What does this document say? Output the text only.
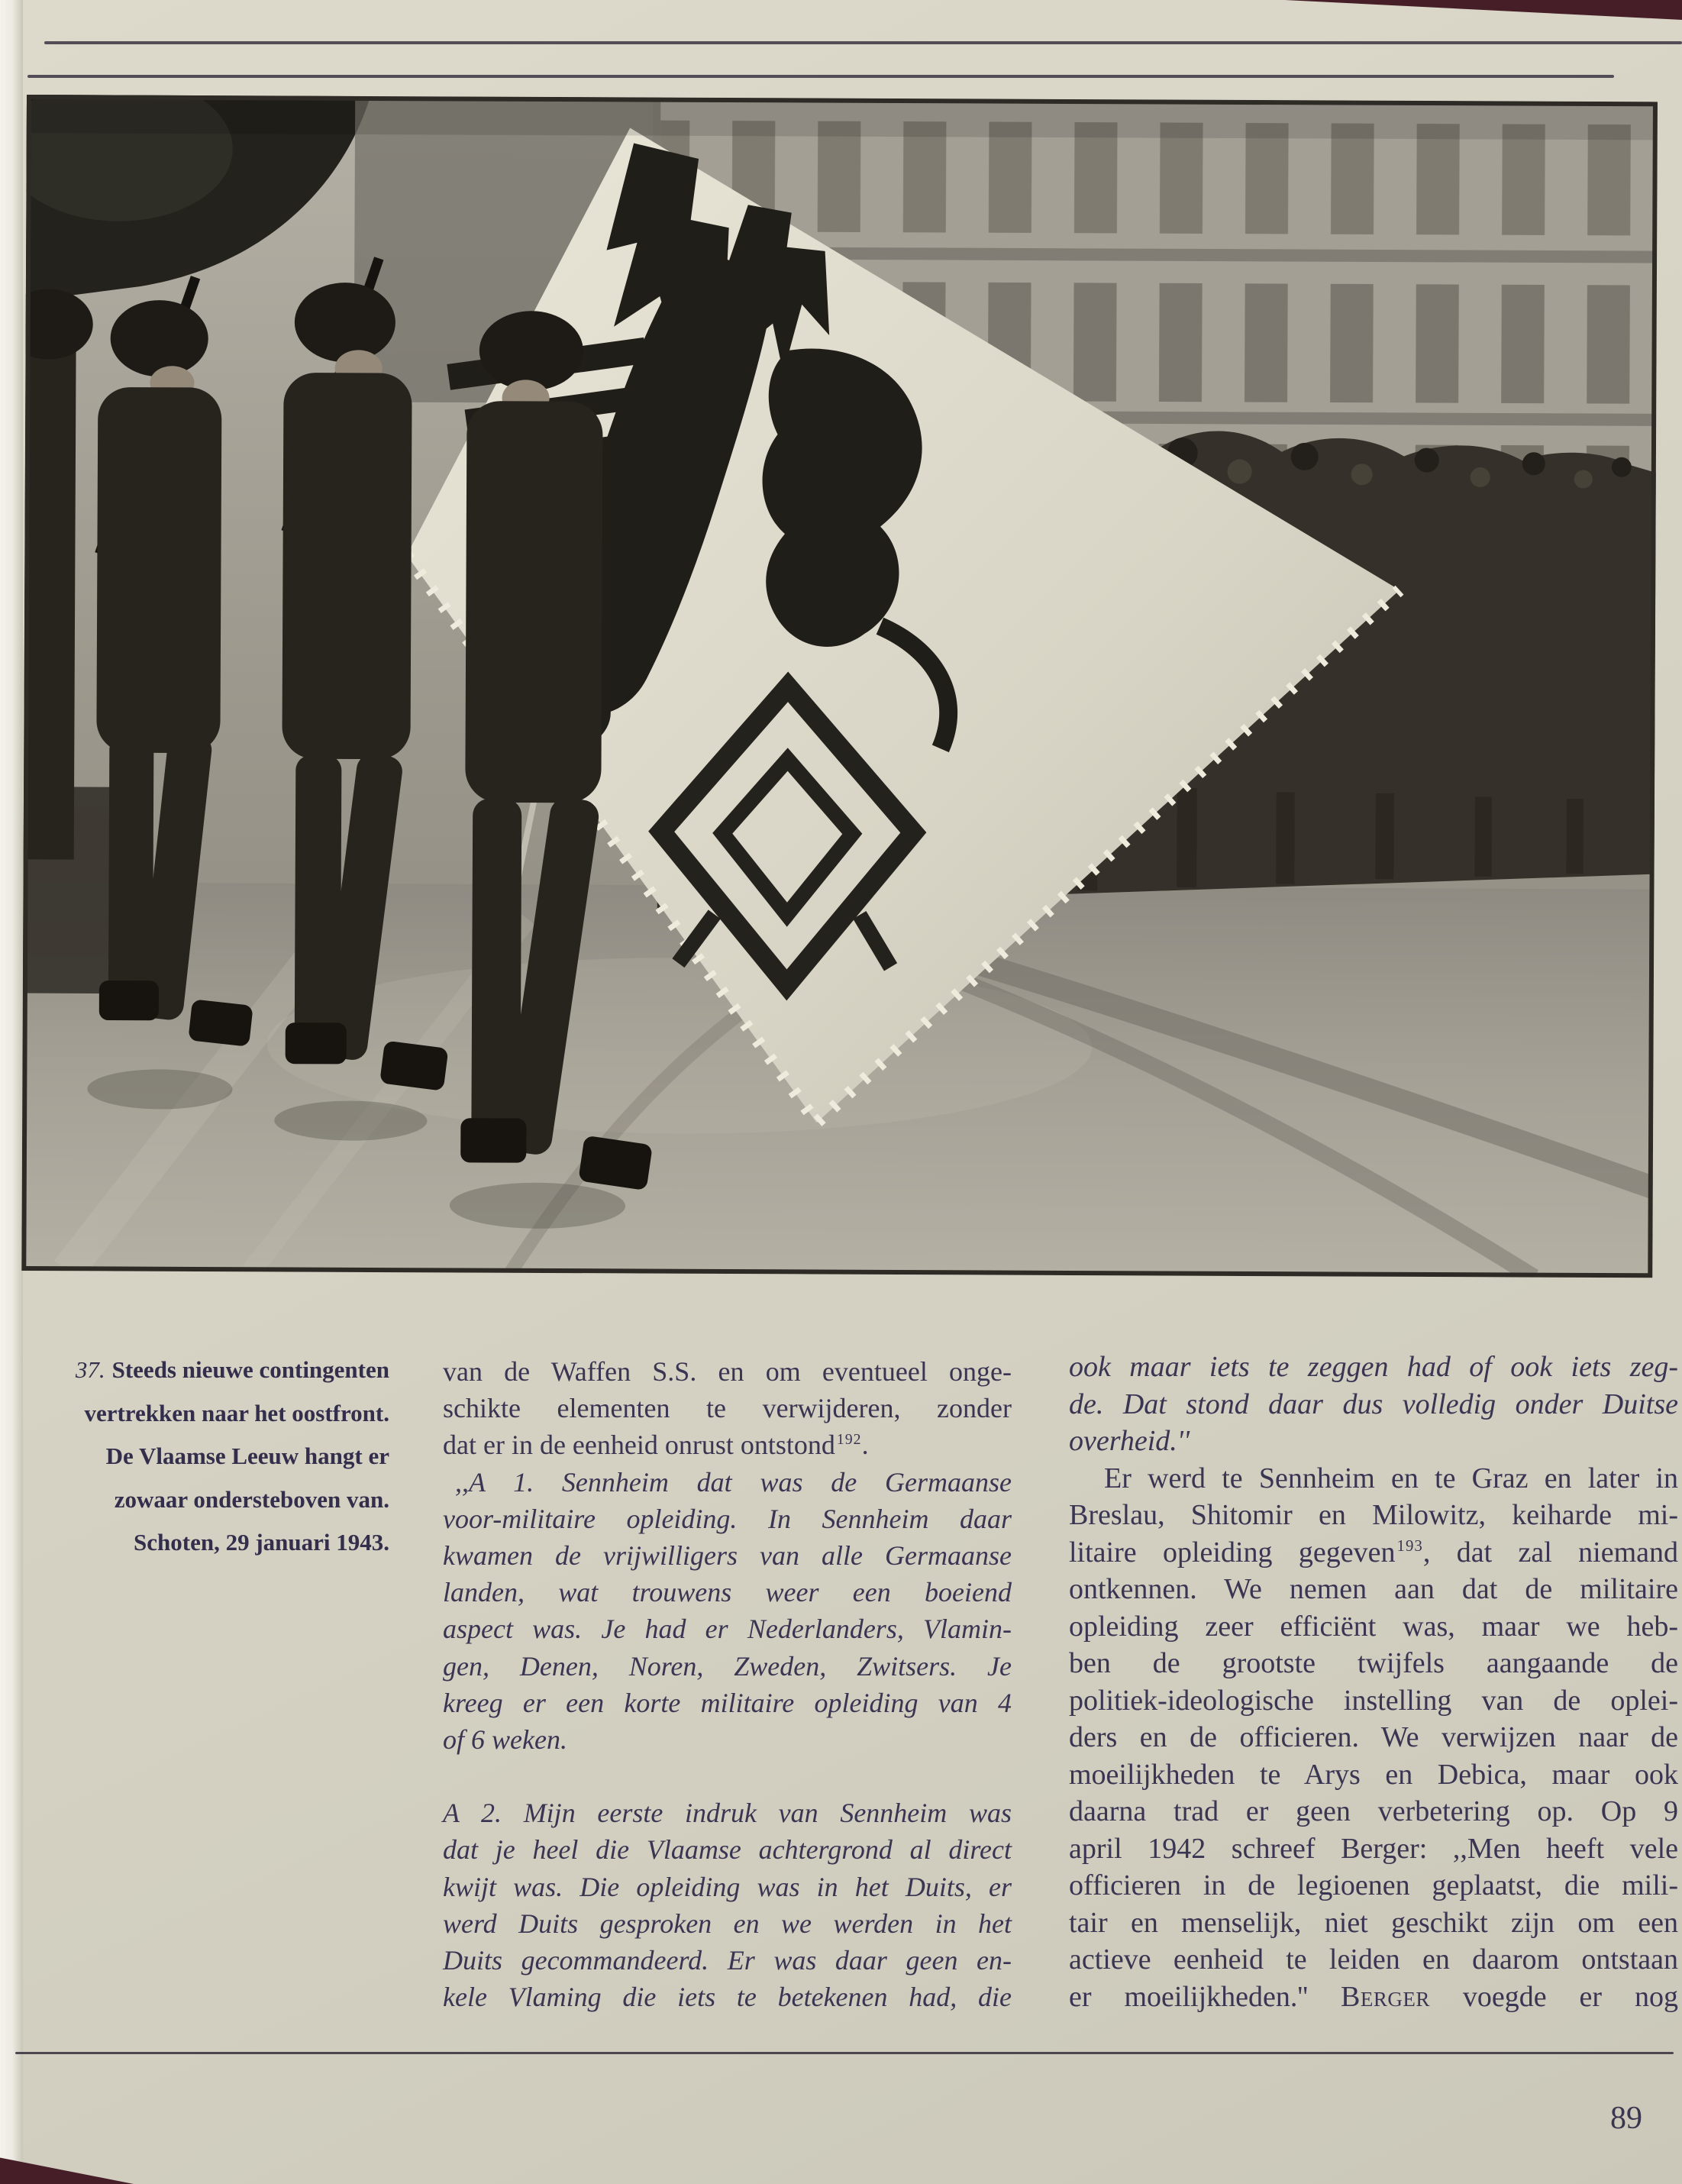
37. Steeds nieuwe contingenten
vertrekken naar het oostfront.
De Vlaamse Leeuw hangt er
zowaar ondersteboven van.
Schoten, 29 januari 1943.
van de Waffen S.S. en om eventueel onge-
schikte elementen te verwijderen, zonder
dat er in de eenheid onrust ontstond $^{192}$.
,,A 1. Sennheim dat was de Germaanse
voor-militaire opleiding. In Sennheim daar
kwamen de vrijwilligers van alle Germaanse
landen, wat trouwens weer een boeiend
aspect was. Je had er Nederlanders, Vlamin-
gen, Denen, Noren, Zweden, Zwitsers. Je
kreeg er een korte militaire opleiding van 4
of 6 weken.
A 2. Mijn eerste indruk van Sennheim was
dat je heel die Vlaamse achtergrond al direct
kwijt was. Die opleiding was in het Duits, er
werd Duits gesproken en we werden in het
Duits gecommandeerd. Er was daar geen en-
kele Vlaming die iets te betekenen had, die
ook maar iets te zeggen had of ook iets zeg-
de. Dat stond daar dus volledig onder Duitse
overheid.''
Er werd te Sennheim en te Graz en later in
Breslau, Shitomir en Milowitz, keiharde mi-
litaire opleiding gegeven$^{193}$, dat zal niemand
ontkennen. We nemen aan dat de militaire
opleiding zeer efficiënt was, maar we heb-
ben de grootste twijfels aangaande de
politiek-ideologische instelling van de oplei-
ders en de officieren. We verwijzen naar de
moeilijkheden te Arys en Debica, maar ook
daarna trad er geen verbetering op. Op 9
april 1942 schreef Berger: ,,Men heeft vele
officieren in de legioenen geplaatst, die mili-
tair en menselijk, niet geschikt zijn om een
actieve eenheid te leiden en daarom ontstaan
er moeilijkheden.'' Berger voegde er nog
89
